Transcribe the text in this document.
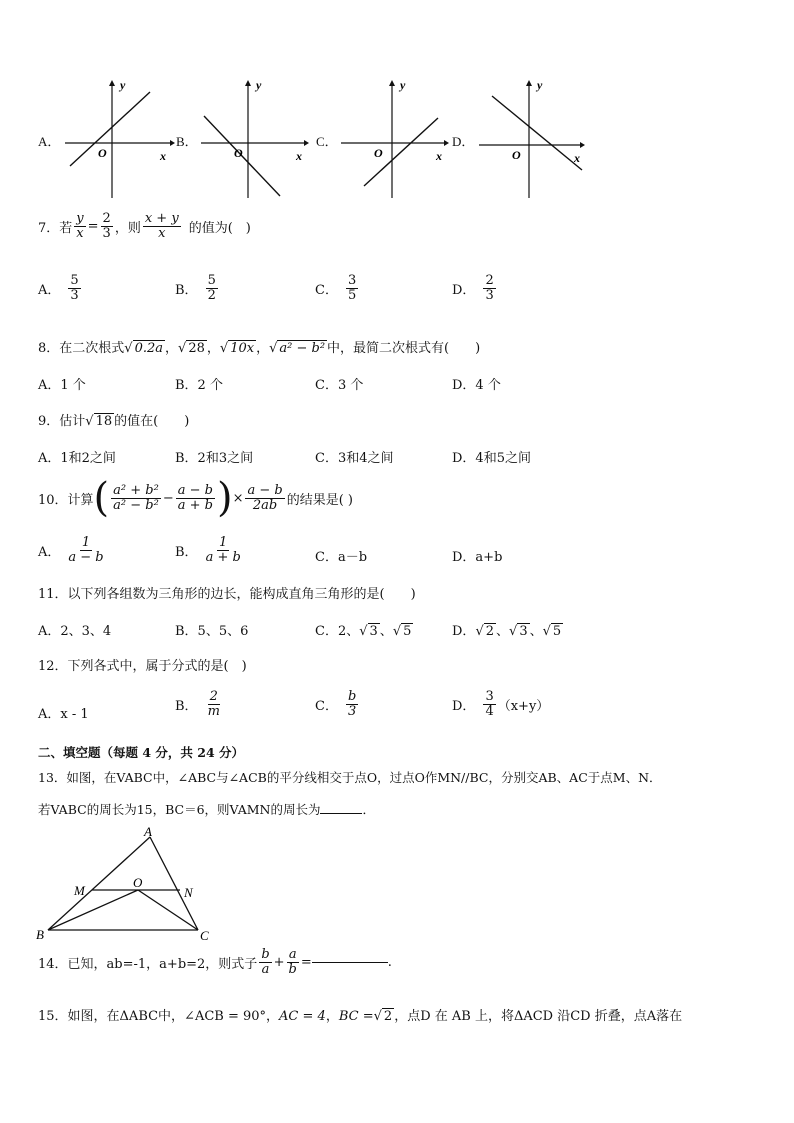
A．
x
y
O
B．
x
y
O
C．
x
y
O
D．
x
y
O
7．若 $\frac{y}{x} = \frac{2}{3}$ ，则 $\frac{x + y}{x}$ 的值为(　)
A． $\frac{5}{3}$	B． $\frac{5}{2}$	C． $\frac{3}{5}$	D． $\frac{2}{3}$
8．在二次根式√ 0.2a ，√ 28 ，√ 10x ，√ a² − b² 中，最简二次根式有(　　)
A．1 个	B．2 个	C．3 个	D．4 个
9．估计√ 18 的值在(　　)
A．1和2之间	B．2和3之间	C．3和4之间	D．4和5之间
10．计算 ( $\frac{\text{a² + b²}}{\text{a² − b²}} - \frac{a - b}{a + b}$ ) × $\frac{a - b}{2ab}$ 的结果是( )
A． $\frac{1}{a - b}$	B． $\frac{1}{a + b}$	C．a－b	D．a+b
11．以下列各组数为三角形的边长，能构成直角三角形的是(　　)
A．2、3、4	B．5、5、6	C．2、√ 3 、√ 5	D．√ 2 、√ 3 、√ 5
12．下列各式中，属于分式的是(　)
A．x - 1
B． $\frac{2}{m}$	C． $\frac{b}{3}$	D． $\frac{3}{4} (x+y)$
二、填空题（每题 4 分，共 24 分）
13．如图，在VABC中，∠ABC与∠ACB的平分线相交于点O，过点O作MN//BC，分别交AB、AC于点M、N．
若VABC的周长为15，BC＝6，则VAMN的周长为	．
A
B	C
M	N
O
14．已知，ab=-1，a+b=2，则式子 $\frac{b}{a} + \frac{a}{b}$ =	.
15．如图，在ΔABC中，∠ACB = 90°，AC = 4，BC =√ 2 ，点D 在 AB 上，将ΔACD 沿CD 折叠，点A落在
